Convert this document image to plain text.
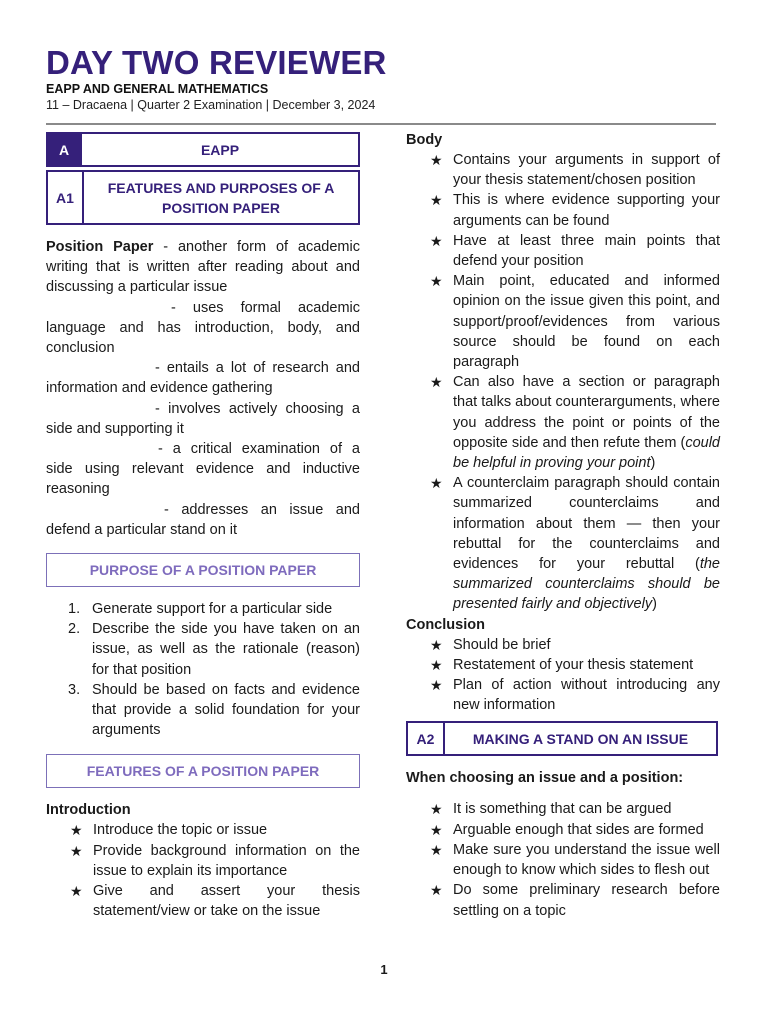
DAY TWO REVIEWER
EAPP AND GENERAL MATHEMATICS
11 – Dracaena | Quarter 2 Examination | December 3, 2024
A	EAPP
A1
FEATURES AND PURPOSES OF A POSITION PAPER
Position Paper - another form of academic writing that is written after reading about and discussing a particular issue
- uses formal academic language and has introduction, body, and conclusion
- entails a lot of research and information and evidence gathering
- involves actively choosing a side and supporting it
- a critical examination of a side using relevant evidence and inductive reasoning
- addresses an issue and defend a particular stand on it
PURPOSE OF A POSITION PAPER
1. Generate support for a particular side
2. Describe the side you have taken on an issue, as well as the rationale (reason) for that position
3. Should be based on facts and evidence that provide a solid foundation for your arguments
FEATURES OF A POSITION PAPER
Introduction
★ Introduce the topic or issue
★ Provide background information on the issue to explain its importance
★ Give and assert your thesis statement/view or take on the issue
Body
★ Contains your arguments in support of your thesis statement/chosen position
★ This is where evidence supporting your arguments can be found
★ Have at least three main points that defend your position
★ Main point, educated and informed opinion on the issue given this point, and support/proof/evidences from various source should be found on each paragraph
★ Can also have a section or paragraph that talks about counterarguments, where you address the point or points of the opposite side and then refute them (could be helpful in proving your point)
★ A counterclaim paragraph should contain summarized counterclaims and information about them — then your rebuttal for the counterclaims and evidences for your rebuttal (the summarized counterclaims should be presented fairly and objectively)
Conclusion
★ Should be brief
★ Restatement of your thesis statement
★ Plan of action without introducing any new information
A2	MAKING A STAND ON AN ISSUE
When choosing an issue and a position:
★ It is something that can be argued
★ Arguable enough that sides are formed
★ Make sure you understand the issue well enough to know which sides to flesh out
★ Do some preliminary research before settling on a topic
1
